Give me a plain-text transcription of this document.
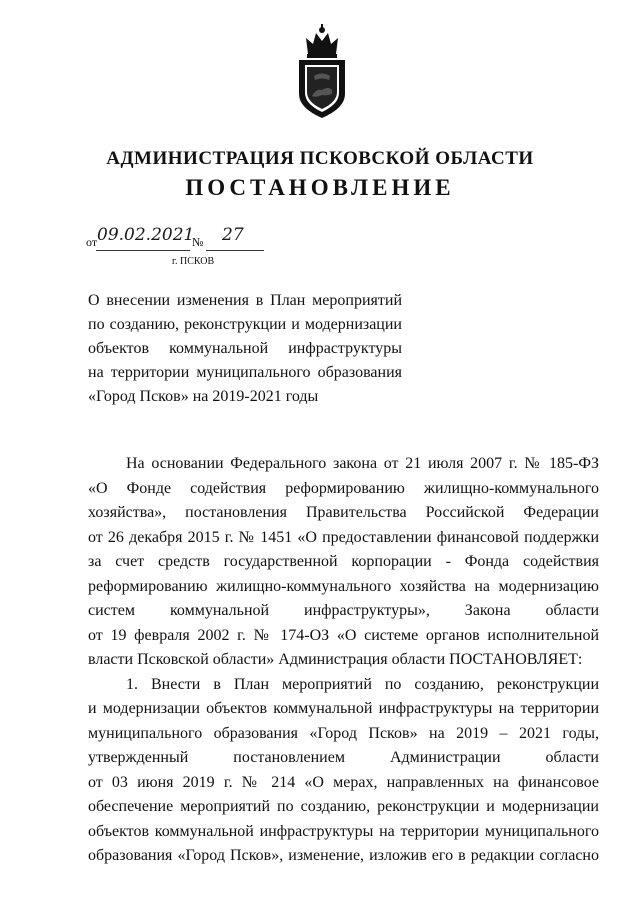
АДМИНИСТРАЦИЯ ПСКОВСКОЙ ОБЛАСТИ
ПОСТАНОВЛЕНИЕ
от 09.02.2021
№ 27
г. ПСКОВ
О внесении изменения в План мероприятий
по созданию, реконструкции и модернизации
объектов коммунальной инфраструктуры
на территории муниципального образования
«Город Псков» на 2019-2021 годы
На основании Федерального закона от 21 июля 2007 г. № 185-ФЗ
«О Фонде содействия реформированию жилищно-коммунального
хозяйства», постановления Правительства Российской Федерации
от 26 декабря 2015 г. № 1451 «О предоставлении финансовой поддержки
за счет средств государственной корпорации - Фонда содействия
реформированию жилищно-коммунального хозяйства на модернизацию
систем коммунальной инфраструктуры», Закона области
от 19 февраля 2002 г. № 174-ОЗ «О системе органов исполнительной
власти Псковской области» Администрация области ПОСТАНОВЛЯЕТ:
1. Внести в План мероприятий по созданию, реконструкции
и модернизации объектов коммунальной инфраструктуры на территории
муниципального образования «Город Псков» на 2019 – 2021 годы,
утвержденный постановлением Администрации области
от 03 июня 2019 г. № 214 «О мерах, направленных на финансовое
обеспечение мероприятий по созданию, реконструкции и модернизации
объектов коммунальной инфраструктуры на территории муниципального
образования «Город Псков», изменение, изложив его в редакции согласно
